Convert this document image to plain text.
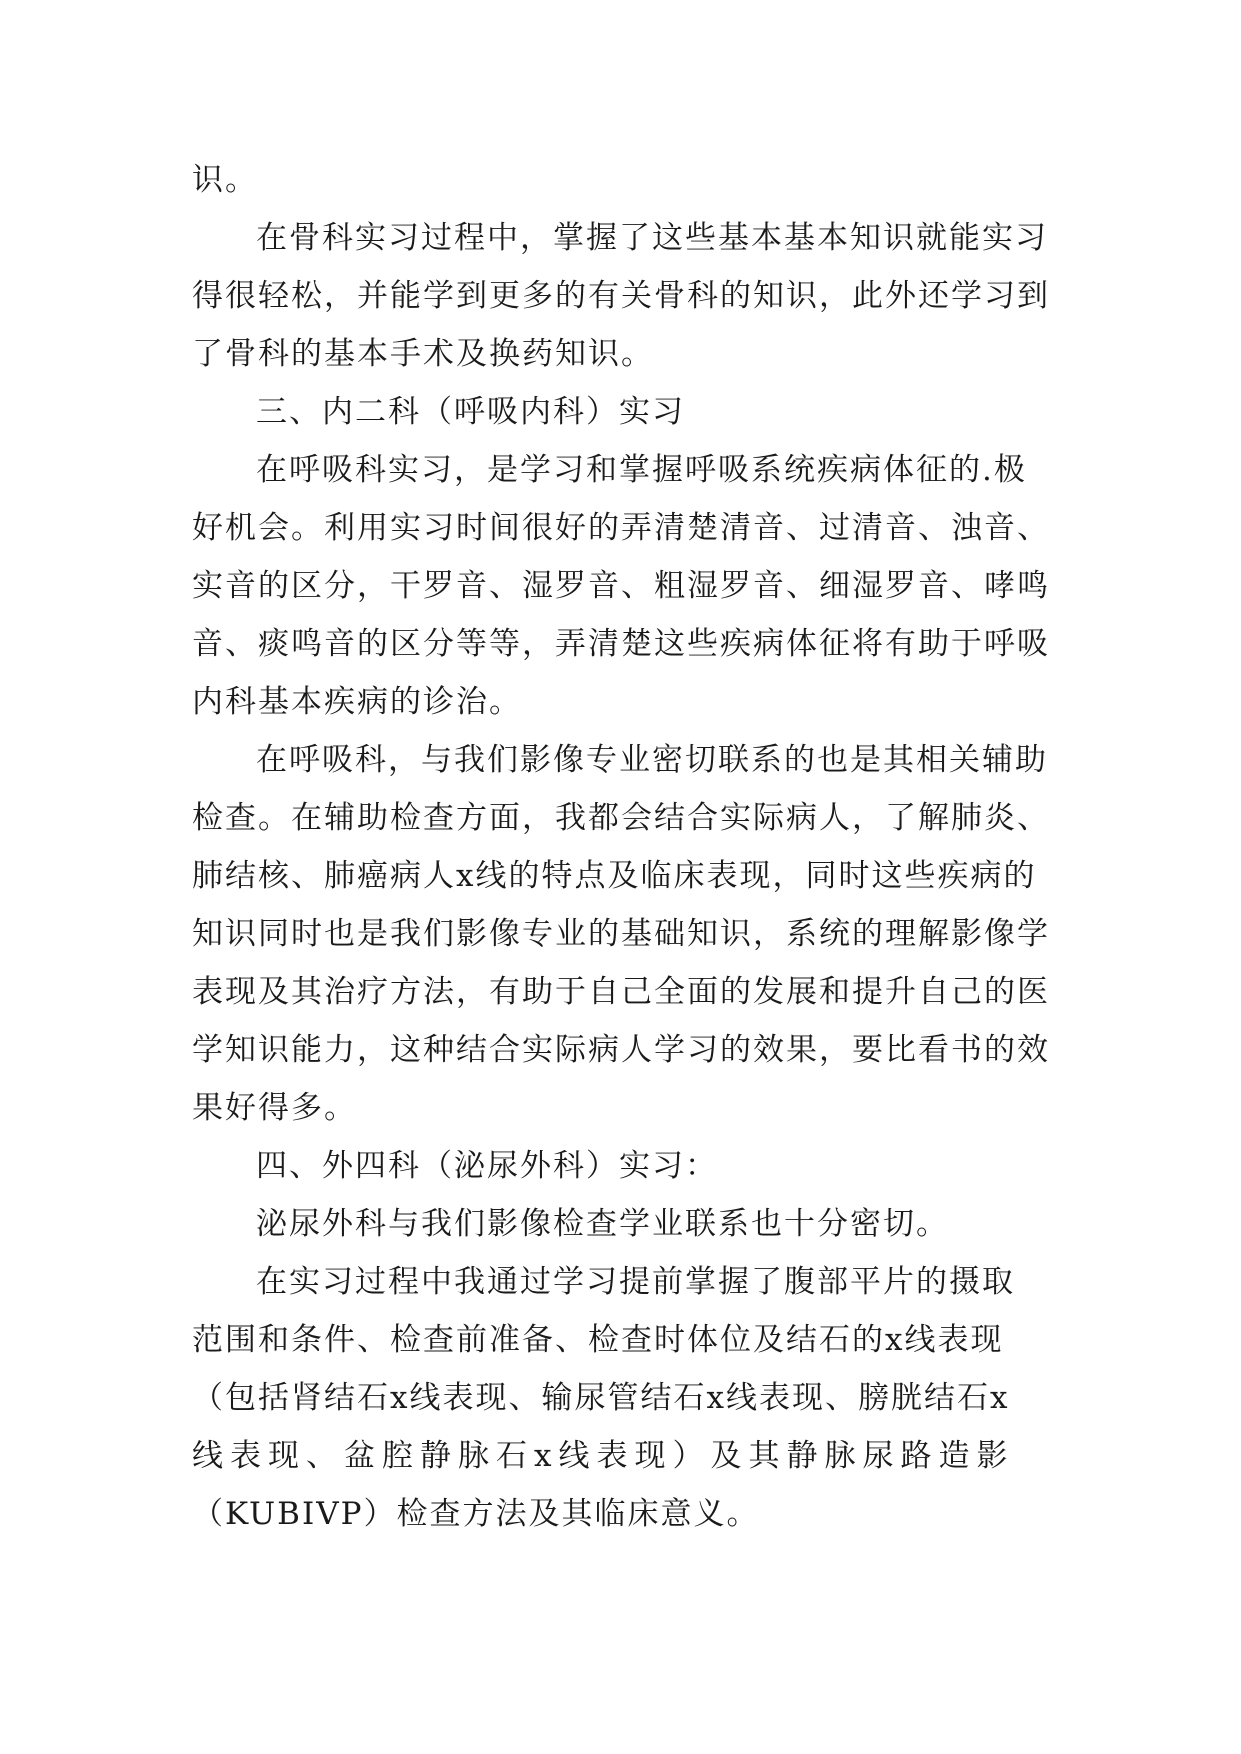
识。
在骨科实习过程中，掌握了这些基本基本知识就能实习
得很轻松，并能学到更多的有关骨科的知识，此外还学习到
了骨科的基本手术及换药知识。
三、内二科（呼吸内科）实习
在呼吸科实习，是学习和掌握呼吸系统疾病体征的.极
好机会。利用实习时间很好的弄清楚清音、过清音、浊音、
实音的区分，干罗音、湿罗音、粗湿罗音、细湿罗音、哮鸣
音、痰鸣音的区分等等，弄清楚这些疾病体征将有助于呼吸
内科基本疾病的诊治。
在呼吸科，与我们影像专业密切联系的也是其相关辅助
检查。在辅助检查方面，我都会结合实际病人，了解肺炎、
肺结核、肺癌病人x线的特点及临床表现，同时这些疾病的
知识同时也是我们影像专业的基础知识，系统的理解影像学
表现及其治疗方法，有助于自己全面的发展和提升自己的医
学知识能力，这种结合实际病人学习的效果，要比看书的效
果好得多。
四、外四科（泌尿外科）实习：
泌尿外科与我们影像检查学业联系也十分密切。
在实习过程中我通过学习提前掌握了腹部平片的摄取
范围和条件、检查前准备、检查时体位及结石的x线表现
（包括肾结石x线表现、输尿管结石x线表现、膀胱结石x
线表现、盆腔静脉石x线表现）及其静脉尿路造影
（KUBIVP）检查方法及其临床意义。
